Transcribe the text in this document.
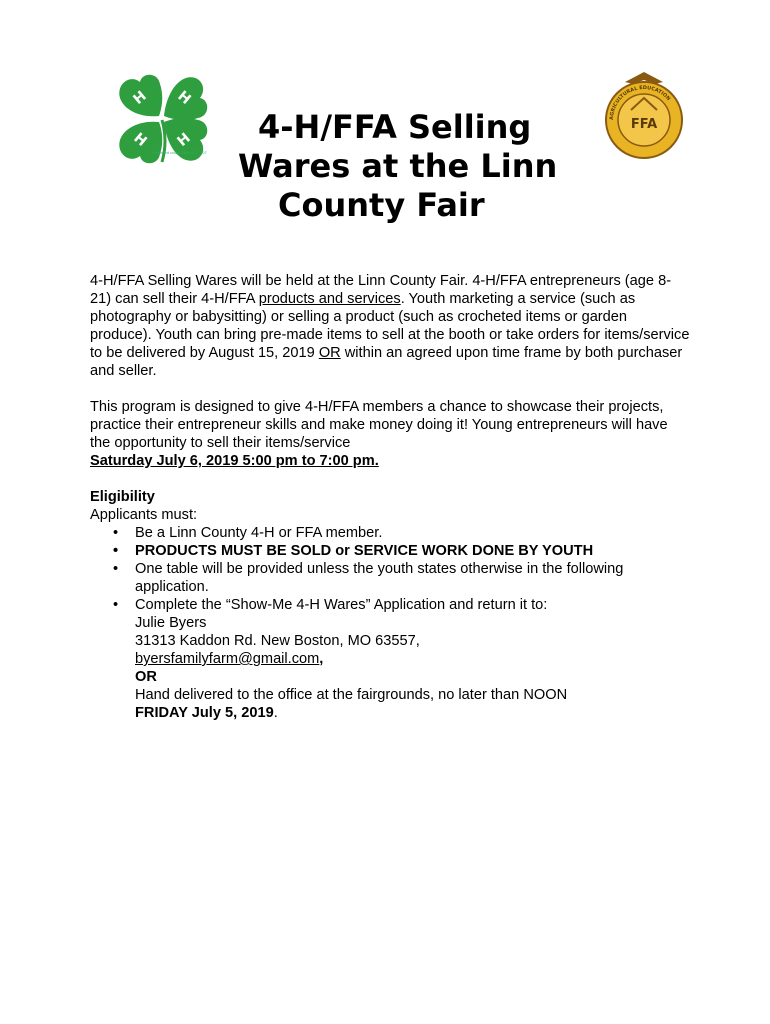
H H
H H
Protected under 18 U.S.C. 707
FFA
AGRICULTURAL EDUCATION
4-H/FFA Selling
Wares at the Linn
County Fair

4-H/FFA Selling Wares will be held at the Linn County Fair. 4-H/FFA entrepreneurs (age 8-21) can sell their 4-H/FFA products and services. Youth marketing a service (such as photography or babysitting) or selling a product (such as crocheted items or garden produce). Youth can bring pre-made items to sell at the booth or take orders for items/service to be delivered by August 15, 2019 OR within an agreed upon time frame by both purchaser and seller.

This program is designed to give 4-H/FFA members a chance to showcase their projects, practice their entrepreneur skills and make money doing it! Young entrepreneurs will have the opportunity to sell their items/service

Saturday July 6, 2019 5:00 pm to 7:00 pm.

Eligibility

Applicants must:

• Be a Linn County 4-H or FFA member.
• PRODUCTS MUST BE SOLD or SERVICE WORK DONE BY YOUTH
• One table will be provided unless the youth states otherwise in the following application.
• Complete the “Show-Me 4-H Wares” Application and return it to:
Julie Byers
31313 Kaddon Rd. New Boston, MO 63557,
byersfamilyfarm@gmail.com,
OR
Hand delivered to the office at the fairgrounds, no later than NOON
FRIDAY July 5, 2019.
